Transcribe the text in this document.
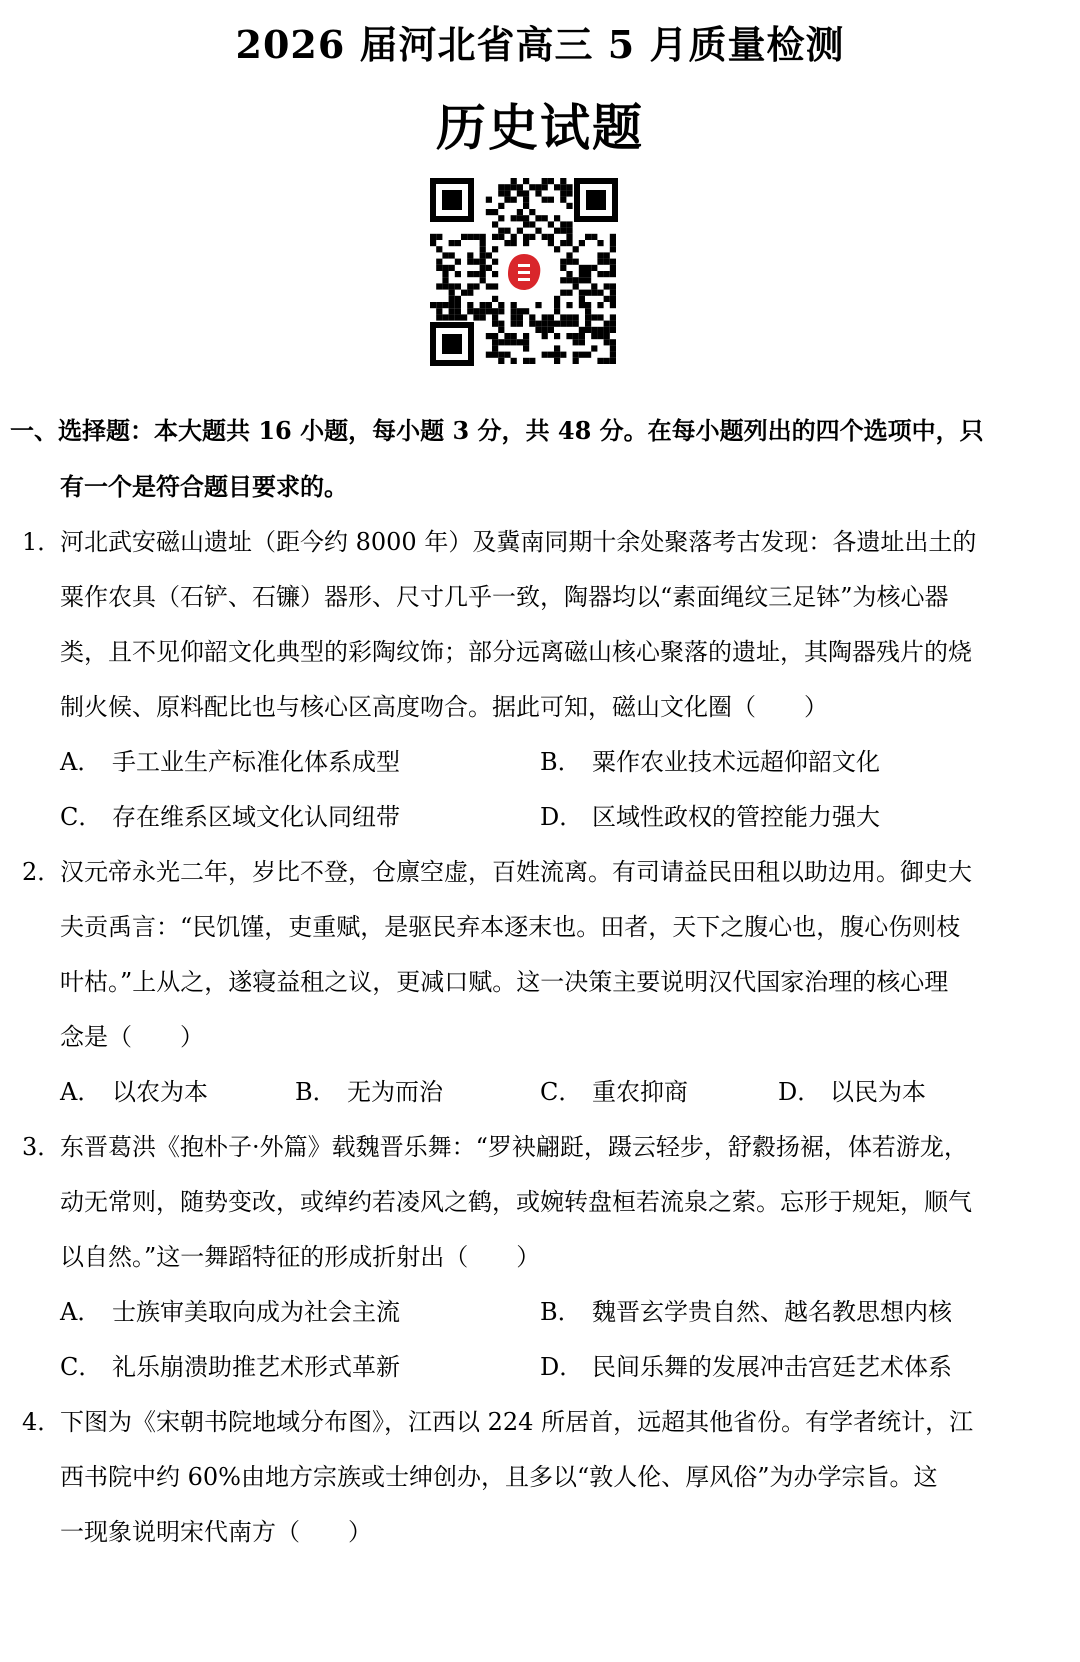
2026 届河北省高三 5 月质量检测
历史试题
一、选择题：本大题共 16 小题，每小题 3 分，共 48 分。在每小题列出的四个选项中，只
有一个是符合题目要求的。
1．
河北武安磁山遗址（距今约 8000 年）及冀南同期十余处聚落考古发现：各遗址出土的
粟作农具（石铲、石镰）器形、尺寸几乎一致，陶器均以“素面绳纹三足钵”为核心器
类，且不见仰韶文化典型的彩陶纹饰；部分远离磁山核心聚落的遗址，其陶器残片的烧
制火候、原料配比也与核心区高度吻合。据此可知，磁山文化圈（　　）
A． 手工业生产标准化体系成型	B． 粟作农业技术远超仰韶文化
C． 存在维系区域文化认同纽带	D． 区域性政权的管控能力强大
2．
汉元帝永光二年，岁比不登，仓廪空虚，百姓流离。有司请益民田租以助边用。御史大
夫贡禹言：“民饥馑，吏重赋，是驱民弃本逐末也。田者，天下之腹心也，腹心伤则枝
叶枯。”上从之，遂寝益租之议，更减口赋。这一决策主要说明汉代国家治理的核心理
念是（　　）
A． 以农为本	B． 无为而治	C． 重农抑商	D． 以民为本
3．
东晋葛洪《抱朴子·外篇》载魏晋乐舞：“罗袂翩跹，蹑云轻步，舒縠扬裾，体若游龙，
动无常则，随势变改，或绰约若凌风之鹤，或婉转盘桓若流泉之萦。忘形于规矩，顺气
以自然。”这一舞蹈特征的形成折射出（　　）
A． 士族审美取向成为社会主流	B． 魏晋玄学贵自然、越名教思想内核
C． 礼乐崩溃助推艺术形式革新	D． 民间乐舞的发展冲击宫廷艺术体系
4．
下图为《宋朝书院地域分布图》，江西以 224 所居首，远超其他省份。有学者统计，江
西书院中约 60%由地方宗族或士绅创办，且多以“敦人伦、厚风俗”为办学宗旨。这
一现象说明宋代南方（　　）
